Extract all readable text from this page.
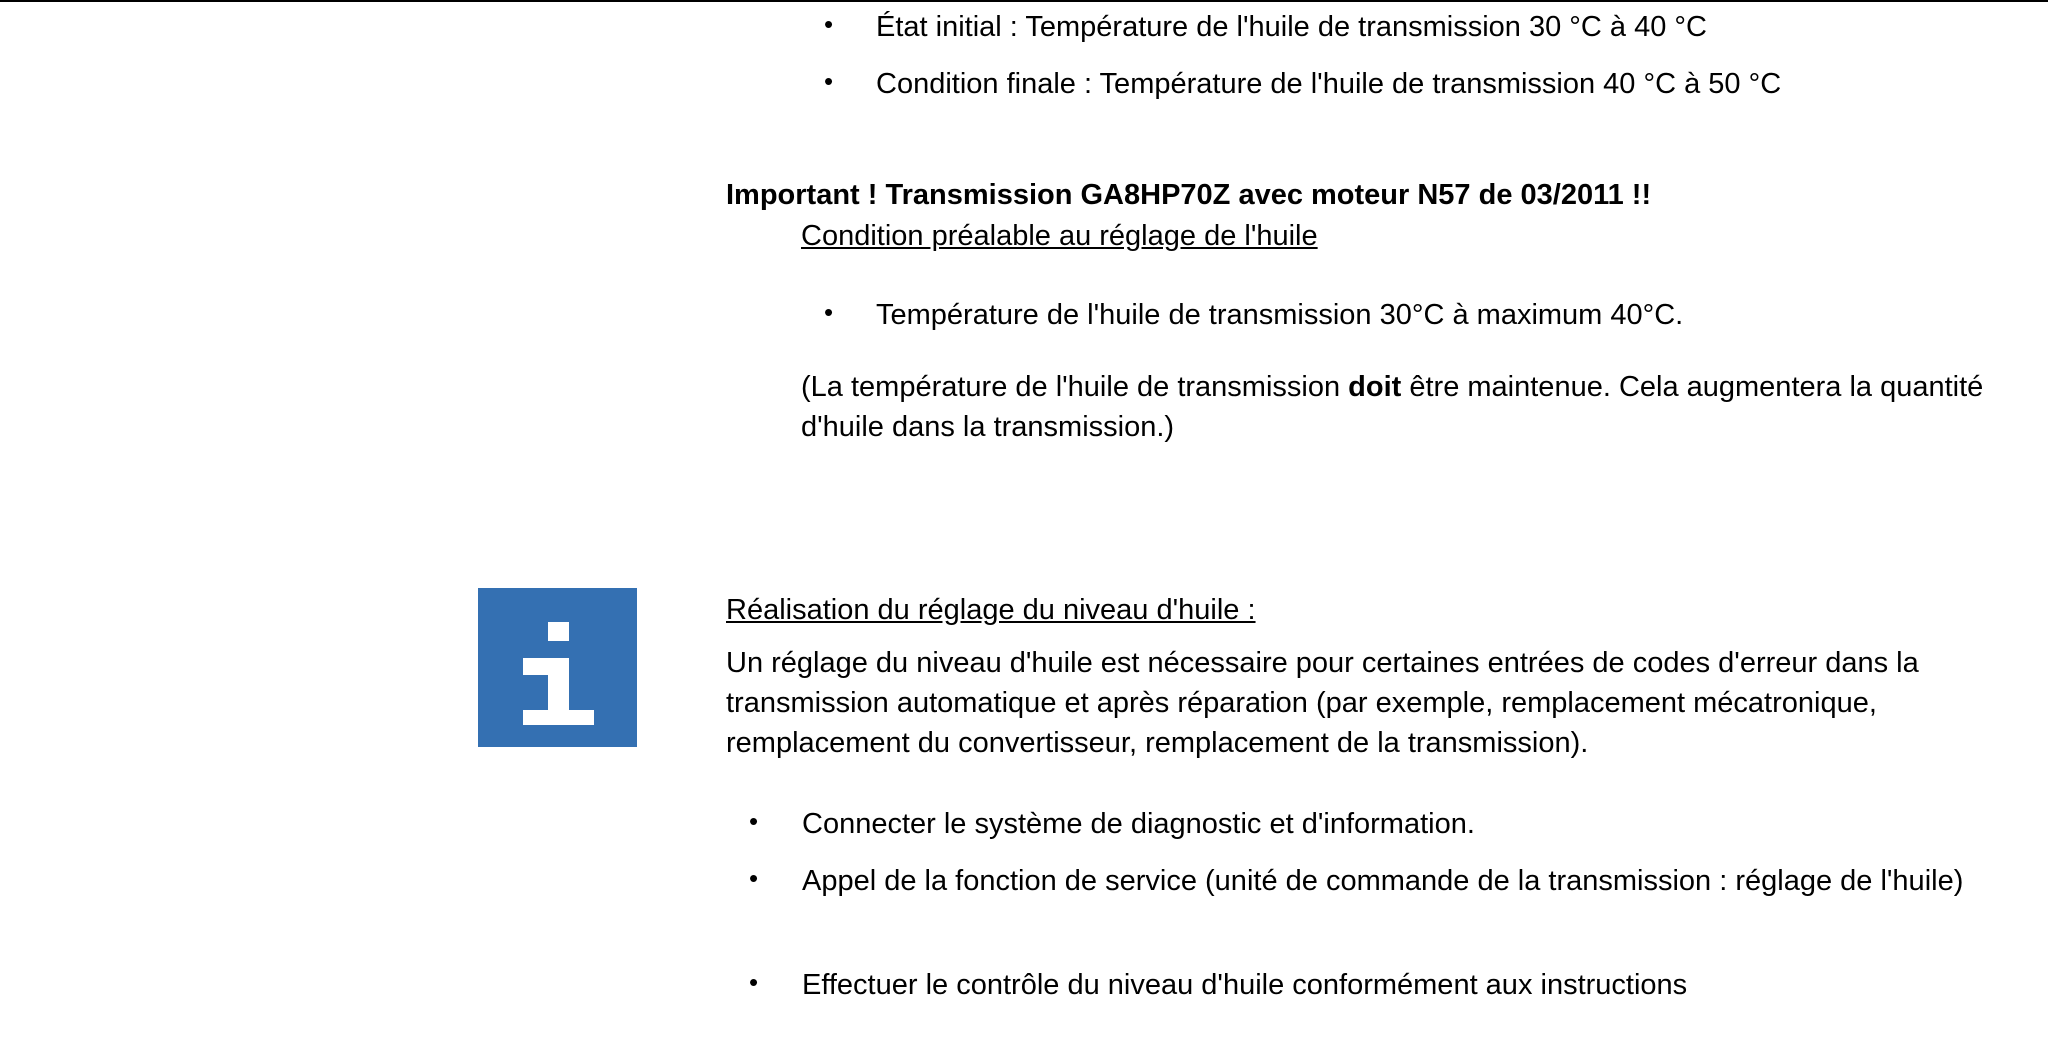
• État initial : Température de l'huile de transmission 30 °C à 40 °C
• Condition finale : Température de l'huile de transmission 40 °C à 50 °C
Important ! Transmission GA8HP70Z avec moteur N57 de 03/2011 !!
Condition préalable au réglage de l'huile
• Température de l'huile de transmission 30°C à maximum 40°C.
(La température de l'huile de transmission doit être maintenue. Cela augmentera la quantité d'huile dans la transmission.)
Réalisation du réglage du niveau d'huile :
Un réglage du niveau d'huile est nécessaire pour certaines entrées de codes d'erreur dans la transmission automatique et après réparation (par exemple, remplacement mécatronique, remplacement du convertisseur, remplacement de la transmission).
• Connecter le système de diagnostic et d'information.
• Appel de la fonction de service (unité de commande de la transmission : réglage de l'huile)
• Effectuer le contrôle du niveau d'huile conformément aux instructions
